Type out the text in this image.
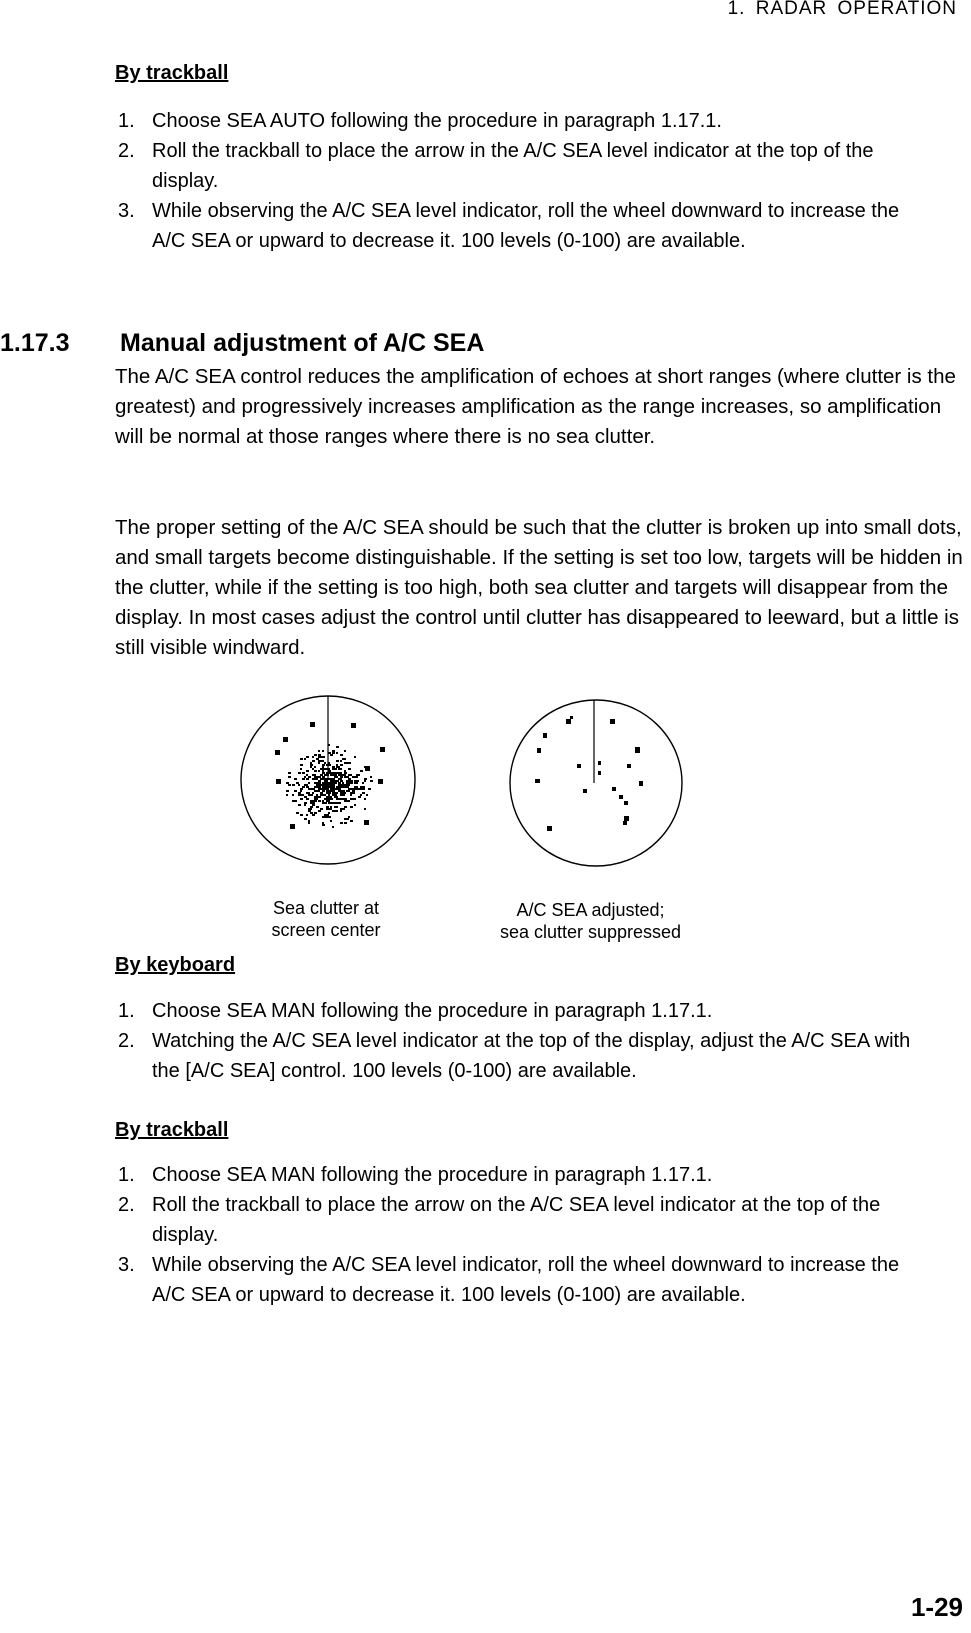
1. RADAR OPERATION
By trackball
1. Choose SEA AUTO following the procedure in paragraph 1.17.1.
2. Roll the trackball to place the arrow in the A/C SEA level indicator at the top of the display.
3. While observing the A/C SEA level indicator, roll the wheel downward to increase the A/C SEA or upward to decrease it. 100 levels (0-100) are available.
1.17.3 Manual adjustment of A/C SEA
The A/C SEA control reduces the amplification of echoes at short ranges (where clutter is the greatest) and progressively increases amplification as the range increases, so amplification will be normal at those ranges where there is no sea clutter.
The proper setting of the A/C SEA should be such that the clutter is broken up into small dots, and small targets become distinguishable. If the setting is set too low, targets will be hidden in the clutter, while if the setting is too high, both sea clutter and targets will disappear from the display. In most cases adjust the control until clutter has disappeared to leeward, but a little is still visible windward.
Sea clutter at
screen center
A/C SEA adjusted;
sea clutter suppressed
By keyboard
1. Choose SEA MAN following the procedure in paragraph 1.17.1.
2. Watching the A/C SEA level indicator at the top of the display, adjust the A/C SEA with the [A/C SEA] control. 100 levels (0-100) are available.
By trackball
1. Choose SEA MAN following the procedure in paragraph 1.17.1.
2. Roll the trackball to place the arrow on the A/C SEA level indicator at the top of the display.
3. While observing the A/C SEA level indicator, roll the wheel downward to increase the A/C SEA or upward to decrease it. 100 levels (0-100) are available.
1-29
